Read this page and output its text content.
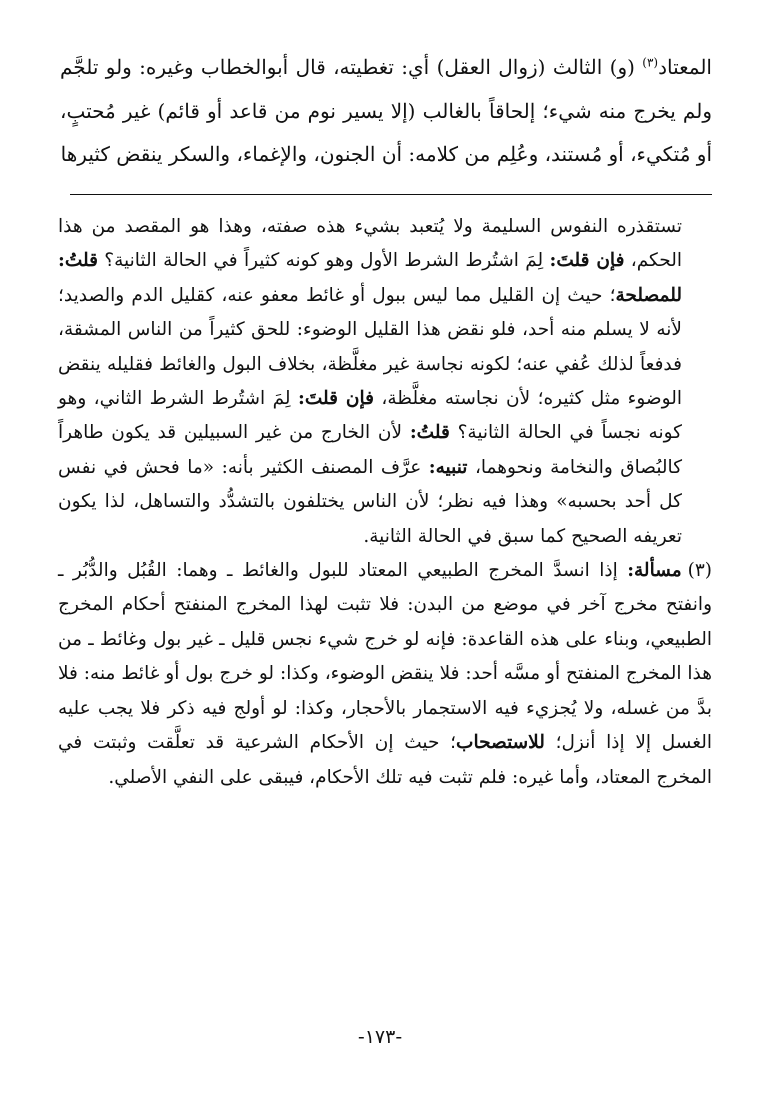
المعتاد$^{(٣)}$ (و) الثالث (زوال العقل) أي: تغطيته، قال أبوالخطاب وغيره: ولو تلجَّم ولم يخرج منه شيء؛ إلحاقاً بالغالب (إلا يسير نوم من قاعد أو قائم) غير مُحتبٍ، أو مُتكيء، أو مُستند، وعُلِم من كلامه: أن الجنون، والإغماء، والسكر ينقض كثيرها

تستقذره النفوس السليمة ولا يُتعبد بشيء هذه صفته، وهذا هو المقصد من هذا الحكم، فإن قلتَ: لِمَ اشتُرط الشرط الأول وهو كونه كثيراً في الحالة الثانية؟ قلتُ: للمصلحة؛ حيث إن القليل مما ليس ببول أو غائط معفو عنه، كقليل الدم والصديد؛ لأنه لا يسلم منه أحد، فلو نقض هذا القليل الوضوء: للحق كثيراً من الناس المشقة، فدفعاً لذلك عُفي عنه؛ لكونه نجاسة غير مغلَّظة، بخلاف البول والغائط فقليله ينقض الوضوء مثل كثيره؛ لأن نجاسته مغلَّظة، فإن قلتَ: لِمَ اشتُرط الشرط الثاني، وهو كونه نجساً في الحالة الثانية؟ قلتُ: لأن الخارج من غير السبيلين قد يكون طاهراً كالبُصاق والنخامة ونحوهما، تنبيه: عرَّف المصنف الكثير بأنه: «ما فحش في نفس كل أحد بحسبه» وهذا فيه نظر؛ لأن الناس يختلفون بالتشدُّد والتساهل، لذا يكون تعريفه الصحيح كما سبق في الحالة الثانية.

(٣)مسألة: إذا انسدَّ المخرج الطبيعي المعتاد للبول والغائط ـ وهما: القُبُل والدُّبُر ـ وانفتح مخرج آخر في موضع من البدن: فلا تثبت لهذا المخرج المنفتح أحكام المخرج الطبيعي، وبناء على هذه القاعدة: فإنه لو خرج شيء نجس قليل ـ غير بول وغائط ـ من هذا المخرج المنفتح أو مسَّه أحد: فلا ينقض الوضوء، وكذا: لو خرج بول أو غائط منه: فلا بدَّ من غسله، ولا يُجزيء فيه الاستجمار بالأحجار، وكذا: لو أولج فيه ذكر فلا يجب عليه الغسل إلا إذا أنزل؛ للاستصحاب؛ حيث إن الأحكام الشرعية قد تعلَّقت وثبتت في المخرج المعتاد، وأما غيره: فلم تثبت فيه تلك الأحكام، فيبقى على النفي الأصلي.

-١٧٣-
